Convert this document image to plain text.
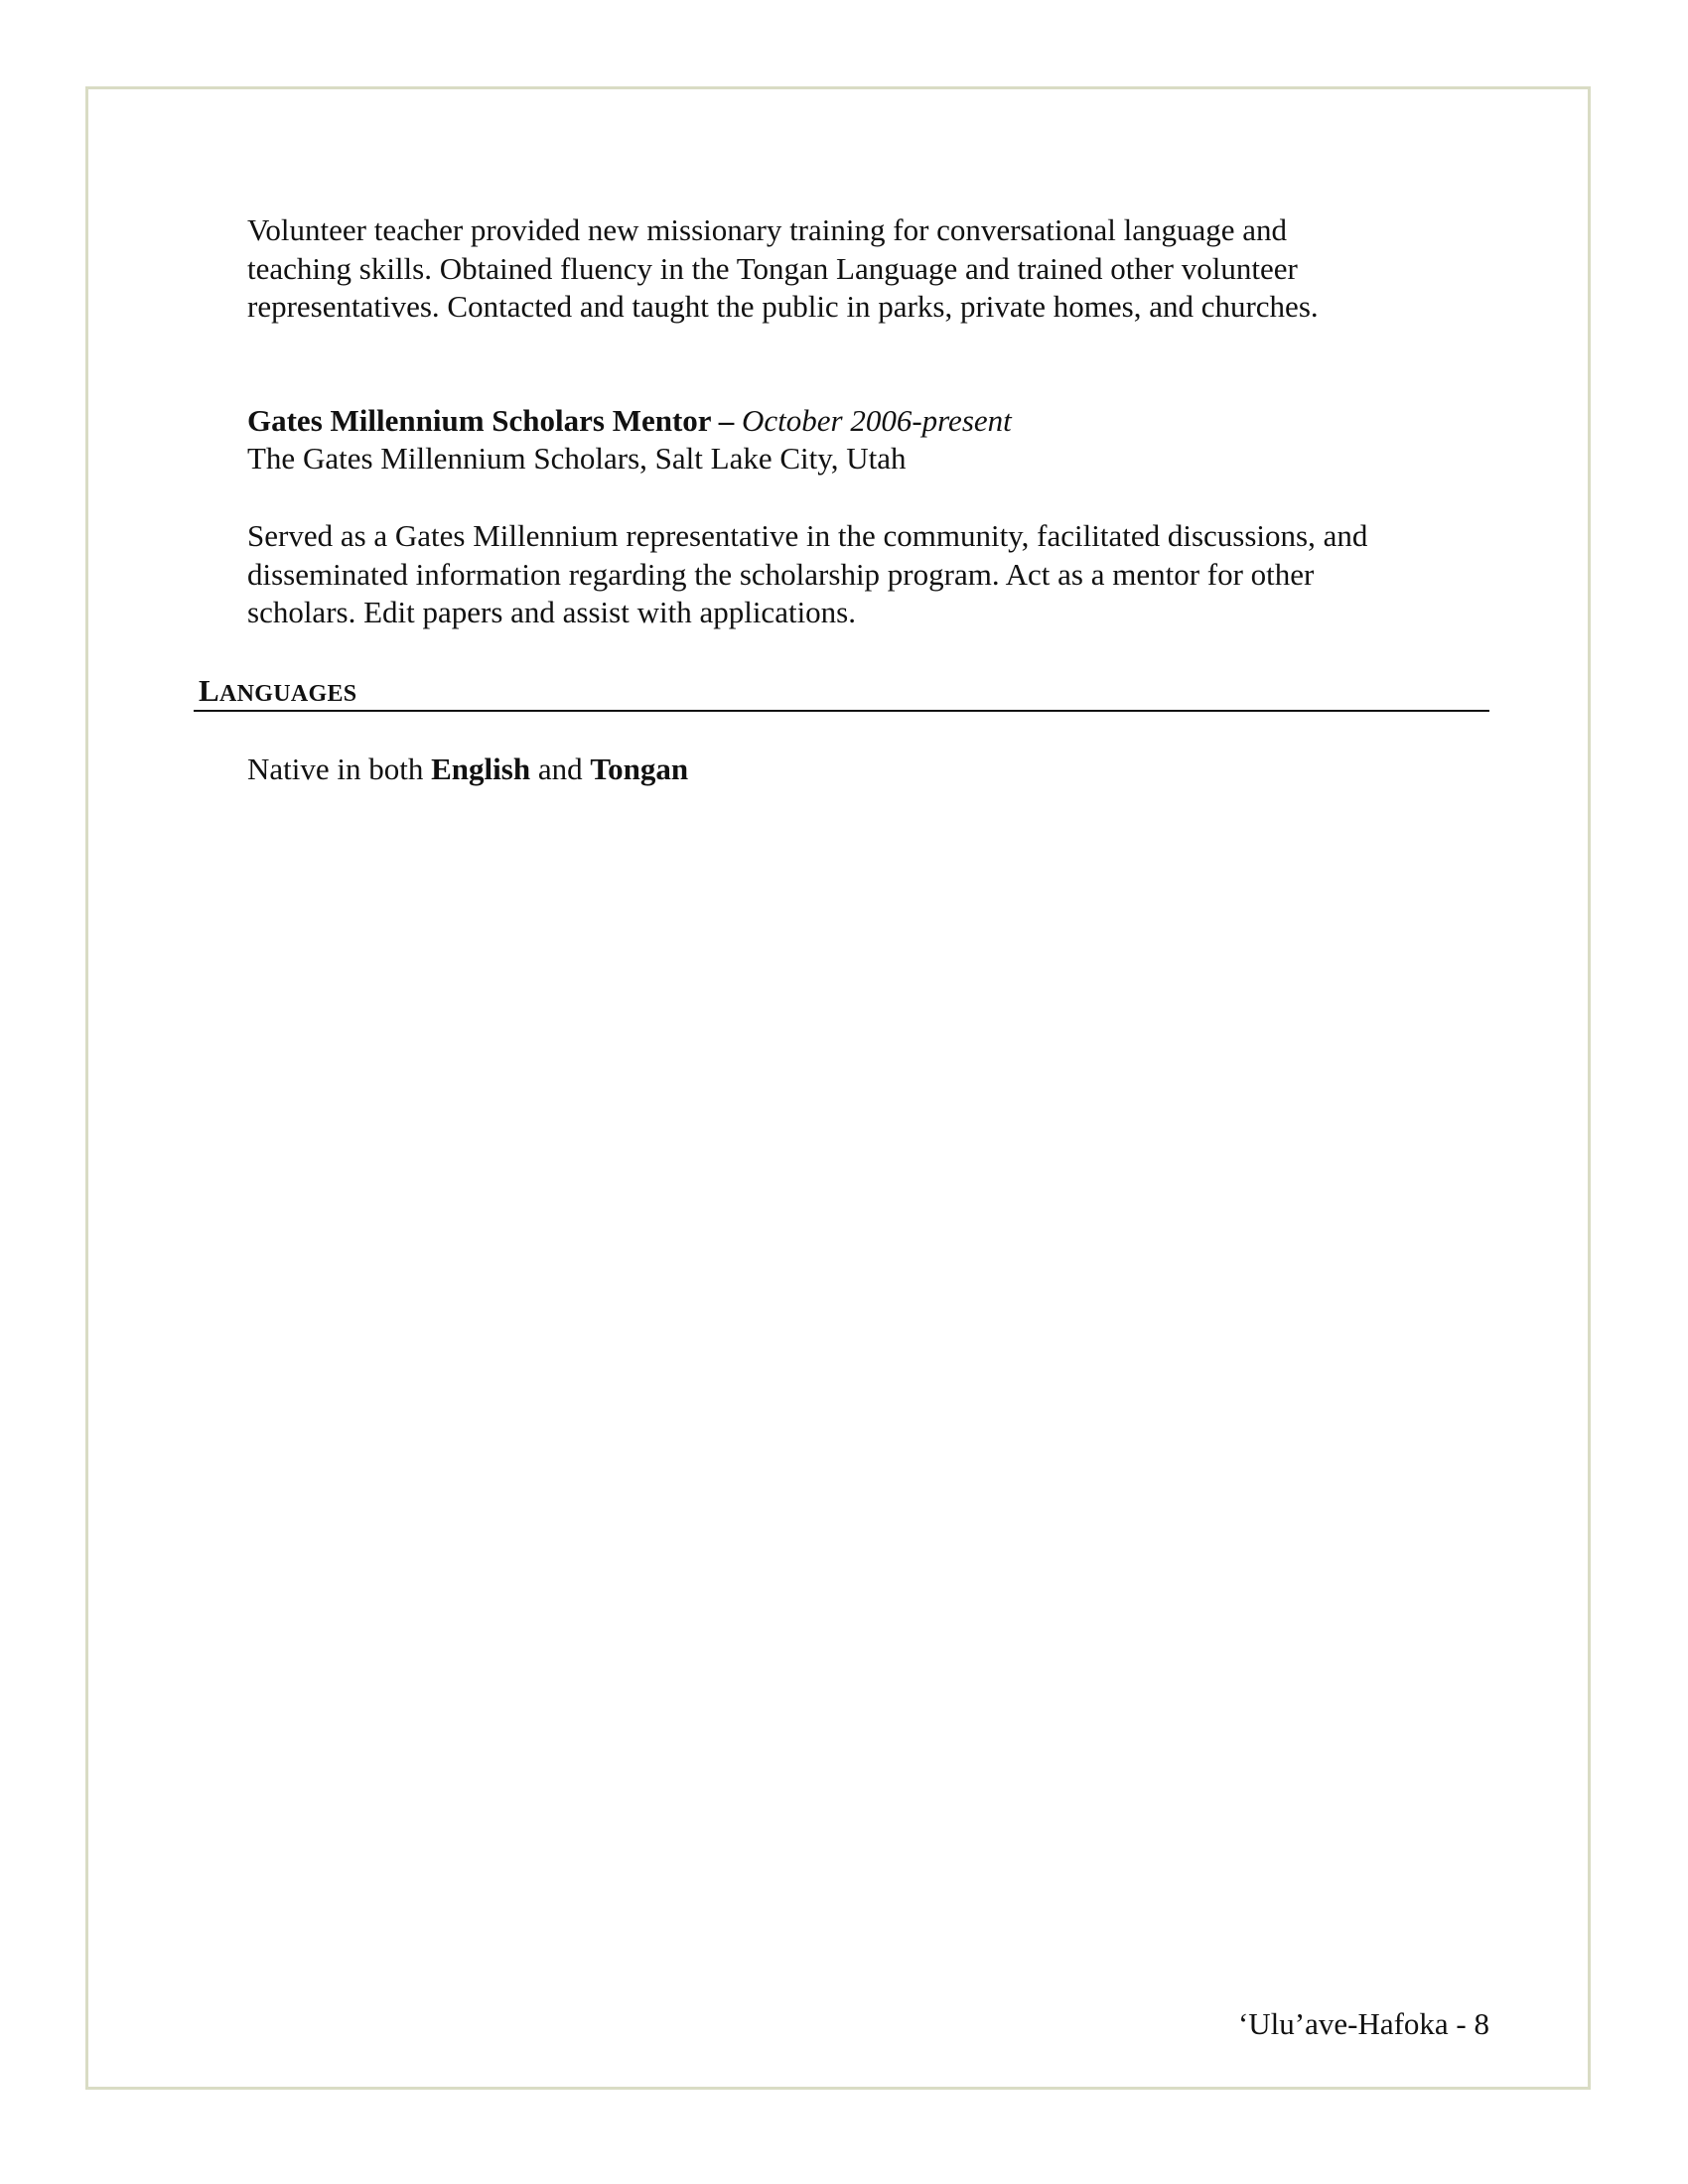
Volunteer teacher provided new missionary training for conversational language and
teaching skills. Obtained fluency in the Tongan Language and trained other volunteer
representatives. Contacted and taught the public in parks, private homes, and churches.
Gates Millennium Scholars Mentor – October 2006-present
The Gates Millennium Scholars, Salt Lake City, Utah
Served as a Gates Millennium representative in the community, facilitated discussions, and
disseminated information regarding the scholarship program. Act as a mentor for other
scholars. Edit papers and assist with applications.
LANGUAGES
Native in both English and Tongan
‘Ulu’ave-Hafoka - 8
